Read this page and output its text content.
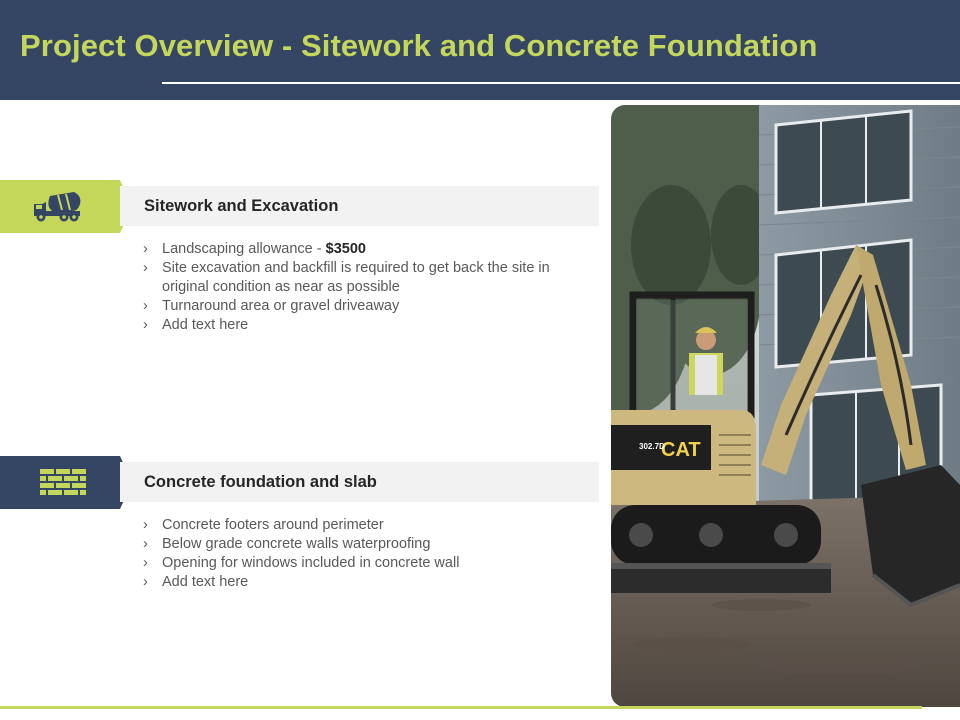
Project Overview - Sitework and Concrete Foundation
Sitework and Excavation
› Landscaping allowance - $3500
› Site excavation and backfill is required to get back the site in original condition as near as possible
› Turnaround area or gravel driveaway
› Add text here
Concrete foundation and slab
› Concrete footers around perimeter
› Below grade concrete walls waterproofing
› Opening for windows included in concrete wall
› Add text here
CAT
302.7D
